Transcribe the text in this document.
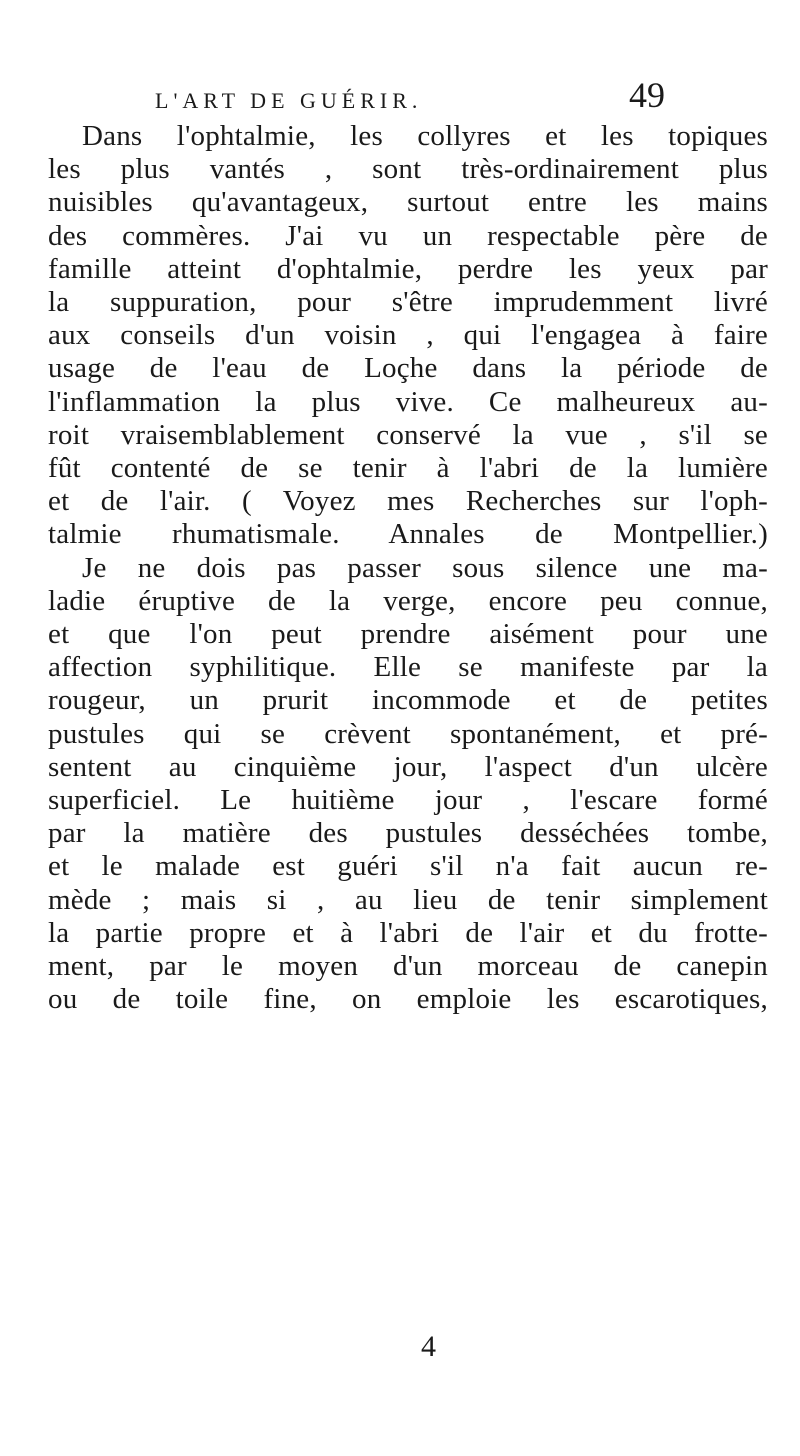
L'ART DE GUÉRIR.	49
Dans l'ophtalmie, les collyres et les topiques
les plus vantés , sont très-ordinairement plus
nuisibles qu'avantageux, surtout entre les mains
des commères. J'ai vu un respectable père de
famille atteint d'ophtalmie, perdre les yeux par
la suppuration, pour s'être imprudemment livré
aux conseils d'un voisin , qui l'engagea à faire
usage de l'eau de Loçhe dans la période de
l'inflammation la plus vive. Ce malheureux au-
roit vraisemblablement conservé la vue , s'il se
fût contenté de se tenir à l'abri de la lumière
et de l'air. ( Voyez mes Recherches sur l'oph-
talmie rhumatismale. Annales de Montpellier.)
Je ne dois pas passer sous silence une ma-
ladie éruptive de la verge, encore peu connue,
et que l'on peut prendre aisément pour une
affection syphilitique. Elle se manifeste par la
rougeur, un prurit incommode et de petites
pustules qui se crèvent spontanément, et pré-
sentent au cinquième jour, l'aspect d'un ulcère
superficiel. Le huitième jour , l'escare formé
par la matière des pustules desséchées tombe,
et le malade est guéri s'il n'a fait aucun re-
mède ; mais si , au lieu de tenir simplement
la partie propre et à l'abri de l'air et du frotte-
ment, par le moyen d'un morceau de canepin
ou de toile fine, on emploie les escarotiques,
4
